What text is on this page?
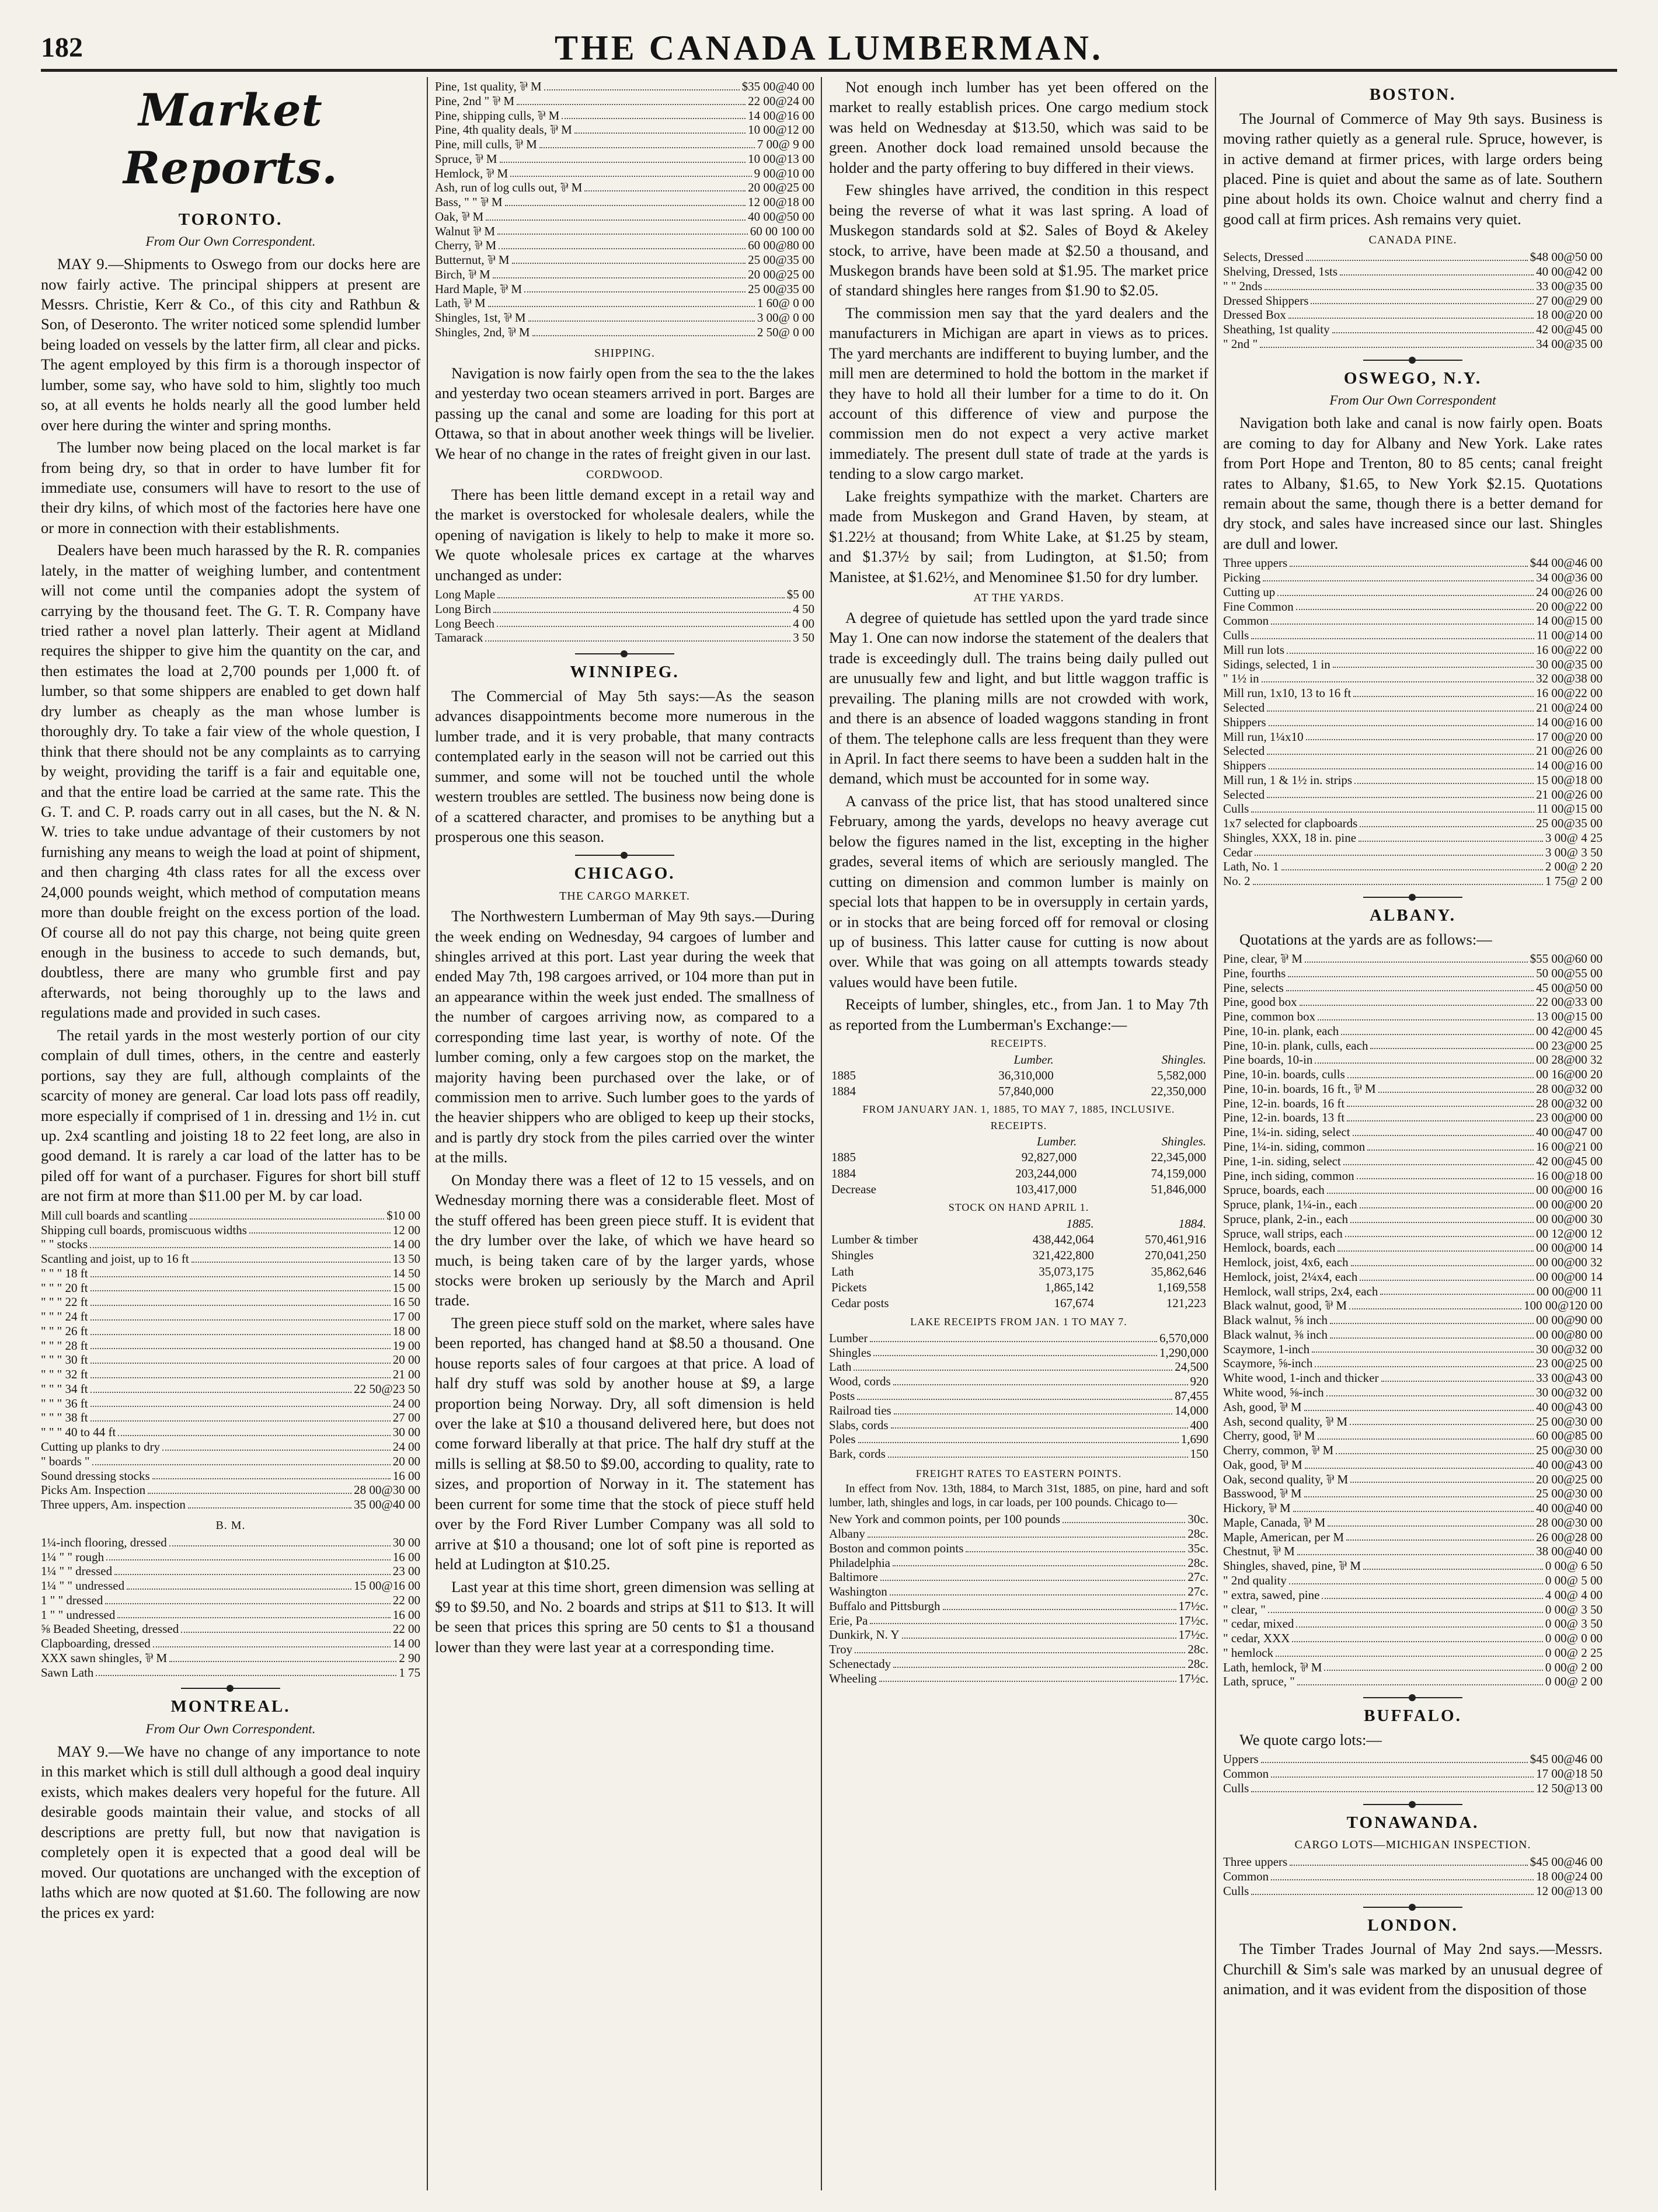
182	THE CANADA LUMBERMAN.
Market Reports.
TORONTO.
From Our Own Correspondent.

MAY 9.—Shipments to Oswego from our docks here are now fairly active. The principal shippers at present are Messrs. Christie, Kerr & Co., of this city and Rathbun & Son, of Deseronto. The writer noticed some splendid lumber being loaded on vessels by the latter firm, all clear and picks. The agent employed by this firm is a thorough inspector of lumber, some say, who have sold to him, slightly too much so, at all events he holds nearly all the good lumber held over here during the winter and spring months.

The lumber now being placed on the local market is far from being dry, so that in order to have lumber fit for immediate use, consumers will have to resort to the use of their dry kilns, of which most of the factories here have one or more in connection with their establishments.

Dealers have been much harassed by the R. R. companies lately, in the matter of weighing lumber, and contentment will not come until the companies adopt the system of carrying by the thousand feet. The G. T. R. Company have tried rather a novel plan latterly. Their agent at Midland requires the shipper to give him the quantity on the car, and then estimates the load at 2,700 pounds per 1,000 ft. of lumber, so that some shippers are enabled to get down half dry lumber as cheaply as the man whose lumber is thoroughly dry. To take a fair view of the whole question, I think that there should not be any complaints as to carrying by weight, providing the tariff is a fair and equitable one, and that the entire load be carried at the same rate. This the G. T. and C. P. roads carry out in all cases, but the N. & N. W. tries to take undue advantage of their customers by not furnishing any means to weigh the load at point of shipment, and then charging 4th class rates for all the excess over 24,000 pounds weight, which method of computation means more than double freight on the excess portion of the load. Of course all do not pay this charge, not being quite green enough in the business to accede to such demands, but, doubtless, there are many who grumble first and pay afterwards, not being thoroughly up to the laws and regulations made and provided in such cases.

The retail yards in the most westerly portion of our city complain of dull times, others, in the centre and easterly portions, say they are full, although complaints of the scarcity of money are general. Car load lots pass off readily, more especially if comprised of 1 in. dressing and 1½ in. cut up. 2x4 scantling and joisting 18 to 22 feet long, are also in good demand. It is rarely a car load of the latter has to be piled off for want of a purchaser. Figures for short bill stuff are not firm at more than $11.00 per M. by car load.

Mill cull boards and scantling	$10 00
Shipping cull boards, promiscuous widths	12 00
" " stocks	14 00
Scantling and joist, up to 16 ft	13 50
" " " 18 ft	14 50
" " " 20 ft	15 00
" " " 22 ft	16 50
" " " 24 ft	17 00
" " " 26 ft	18 00
" " " 28 ft	19 00
" " " 30 ft	20 00
" " " 32 ft	21 00
" " " 34 ft	22 50@23 50
" " " 36 ft	24 00
" " " 38 ft	27 00
" " " 40 to 44 ft	30 00
Cutting up planks to dry	24 00
" boards "	20 00
Sound dressing stocks	16 00
Picks Am. Inspection	28 00@30 00
Three uppers, Am. inspection	35 00@40 00
B. M.
1¼-inch flooring, dressed	30 00
1¼ " " rough	16 00
1¼ " " dressed	23 00
1¼ " " undressed	15 00@16 00
1 " " dressed	22 00
1 " " undressed	16 00
⅝ Beaded Sheeting, dressed	22 00
Clapboarding, dressed	14 00
XXX sawn shingles, ⅌ M	2 90
Sawn Lath	1 75
MONTREAL.
From Our Own Correspondent.

MAY 9.—We have no change of any importance to note in this market which is still dull although a good deal inquiry exists, which makes dealers very hopeful for the future. All desirable goods maintain their value, and stocks of all descriptions are pretty full, but now that navigation is completely open it is expected that a good deal will be moved. Our quotations are unchanged with the exception of laths which are now quoted at $1.60. The following are now the prices ex yard:

Pine, 1st quality, ⅌ M	$35 00@40 00
Pine, 2nd " ⅌ M	22 00@24 00
Pine, shipping culls, ⅌ M	14 00@16 00
Pine, 4th quality deals, ⅌ M	10 00@12 00
Pine, mill culls, ⅌ M	7 00@ 9 00
Spruce, ⅌ M	10 00@13 00
Hemlock, ⅌ M	9 00@10 00
Ash, run of log culls out, ⅌ M	20 00@25 00
Bass, " " ⅌ M	12 00@18 00
Oak, ⅌ M	40 00@50 00
Walnut ⅌ M	60 00 100 00
Cherry, ⅌ M	60 00@80 00
Butternut, ⅌ M	25 00@35 00
Birch, ⅌ M	20 00@25 00
Hard Maple, ⅌ M	25 00@35 00
Lath, ⅌ M	1 60@ 0 00
Shingles, 1st, ⅌ M	3 00@ 0 00
Shingles, 2nd, ⅌ M	2 50@ 0 00
SHIPPING.

Navigation is now fairly open from the sea to the the lakes and yesterday two ocean steamers arrived in port. Barges are passing up the canal and some are loading for this port at Ottawa, so that in about another week things will be livelier. We hear of no change in the rates of freight given in our last.

CORDWOOD.

There has been little demand except in a retail way and the market is overstocked for wholesale dealers, while the opening of navigation is likely to help to make it more so. We quote wholesale prices ex cartage at the wharves unchanged as under:

Long Maple	$5 00
Long Birch	4 50
Long Beech	4 00
Tamarack	3 50
WINNIPEG.

The Commercial of May 5th says:—As the season advances disappointments become more numerous in the lumber trade, and it is very probable, that many contracts contemplated early in the season will not be carried out this summer, and some will not be touched until the whole western troubles are settled. The business now being done is of a scattered character, and promises to be anything but a prosperous one this season.

CHICAGO.
THE CARGO MARKET.

The Northwestern Lumberman of May 9th says.—During the week ending on Wednesday, 94 cargoes of lumber and shingles arrived at this port. Last year during the week that ended May 7th, 198 cargoes arrived, or 104 more than put in an appearance within the week just ended. The smallness of the number of cargoes arriving now, as compared to a corresponding time last year, is worthy of note. Of the lumber coming, only a few cargoes stop on the market, the majority having been purchased over the lake, or of commission men to arrive. Such lumber goes to the yards of the heavier shippers who are obliged to keep up their stocks, and is partly dry stock from the piles carried over the winter at the mills.

On Monday there was a fleet of 12 to 15 vessels, and on Wednesday morning there was a considerable fleet. Most of the stuff offered has been green piece stuff. It is evident that the dry lumber over the lake, of which we have heard so much, is being taken care of by the larger yards, whose stocks were broken up seriously by the March and April trade.

The green piece stuff sold on the market, where sales have been reported, has changed hand at $8.50 a thousand. One house reports sales of four cargoes at that price. A load of half dry stuff was sold by another house at $9, a large proportion being Norway. Dry, all soft dimension is held over the lake at $10 a thousand delivered here, but does not come forward liberally at that price. The half dry stuff at the mills is selling at $8.50 to $9.00, according to quality, rate to sizes, and proportion of Norway in it. The statement has been current for some time that the stock of piece stuff held over by the Ford River Lumber Company was all sold to arrive at $10 a thousand; one lot of soft pine is reported as held at Ludington at $10.25.

Last year at this time short, green dimension was selling at $9 to $9.50, and No. 2 boards and strips at $11 to $13. It will be seen that prices this spring are 50 cents to $1 a thousand lower than they were last year at a corresponding time.

Not enough inch lumber has yet been offered on the market to really establish prices. One cargo medium stock was held on Wednesday at $13.50, which was said to be green. Another dock load remained unsold because the holder and the party offering to buy differed in their views.

Few shingles have arrived, the condition in this respect being the reverse of what it was last spring. A load of Muskegon standards sold at $2. Sales of Boyd & Akeley stock, to arrive, have been made at $2.50 a thousand, and Muskegon brands have been sold at $1.95. The market price of standard shingles here ranges from $1.90 to $2.05.

The commission men say that the yard dealers and the manufacturers in Michigan are apart in views as to prices. The yard merchants are indifferent to buying lumber, and the mill men are determined to hold the bottom in the market if they have to hold all their lumber for a time to do it. On account of this difference of view and purpose the commission men do not expect a very active market immediately. The present dull state of trade at the yards is tending to a slow cargo market.

Lake freights sympathize with the market. Charters are made from Muskegon and Grand Haven, by steam, at $1.22½ at thousand; from White Lake, at $1.25 by steam, and $1.37½ by sail; from Ludington, at $1.50; from Manistee, at $1.62½, and Menominee $1.50 for dry lumber.

AT THE YARDS.

A degree of quietude has settled upon the yard trade since May 1. One can now indorse the statement of the dealers that trade is exceedingly dull. The trains being daily pulled out are unusually few and light, and but little waggon traffic is prevailing. The planing mills are not crowded with work, and there is an absence of loaded waggons standing in front of them. The telephone calls are less frequent than they were in April. In fact there seems to have been a sudden halt in the demand, which must be accounted for in some way.

A canvass of the price list, that has stood unaltered since February, among the yards, develops no heavy average cut below the figures named in the list, excepting in the higher grades, several items of which are seriously mangled. The cutting on dimension and common lumber is mainly on special lots that happen to be in oversupply in certain yards, or in stocks that are being forced off for removal or closing up of business. This latter cause for cutting is now about over. While that was going on all attempts towards steady values would have been futile.

Receipts of lumber, shingles, etc., from Jan. 1 to May 7th as reported from the Lumberman's Exchange:—

RECEIPTS.
	Lumber.	Shingles.
1885	36,310,000	5,582,000
1884	57,840,000	22,350,000
FROM JANUARY JAN. 1, 1885, TO MAY 7, 1885, INCLUSIVE.
RECEIPTS.
	Lumber.	Shingles.
1885	92,827,000	22,345,000
1884	203,244,000	74,159,000
Decrease	103,417,000	51,846,000
STOCK ON HAND APRIL 1.
	1885.	1884.
Lumber & timber	438,442,064	570,461,916
Shingles	321,422,800	270,041,250
Lath	35,073,175	35,862,646
Pickets	1,865,142	1,169,558
Cedar posts	167,674	121,223
LAKE RECEIPTS FROM JAN. 1 TO MAY 7.
Lumber	6,570,000
Shingles	1,290,000
Lath	24,500
Wood, cords	920
Posts	87,455
Railroad ties	14,000
Slabs, cords	400
Poles	1,690
Bark, cords	150
FREIGHT RATES TO EASTERN POINTS.

In effect from Nov. 13th, 1884, to March 31st, 1885, on pine, hard and soft lumber, lath, shingles and logs, in car loads, per 100 pounds. Chicago to—

New York and common points, per 100 pounds	30c.
Albany	28c.
Boston and common points	35c.
Philadelphia	28c.
Baltimore	27c.
Washington	27c.
Buffalo and Pittsburgh	17½c.
Erie, Pa	17½c.
Dunkirk, N. Y	17½c.
Troy	28c.
Schenectady	28c.
Wheeling	17½c.
BOSTON.

The Journal of Commerce of May 9th says. Business is moving rather quietly as a general rule. Spruce, however, is in active demand at firmer prices, with large orders being placed. Pine is quiet and about the same as of late. Southern pine about holds its own. Choice walnut and cherry find a good call at firm prices. Ash remains very quiet.

CANADA PINE.
Selects, Dressed	$48 00@50 00
Shelving, Dressed, 1sts	40 00@42 00
" " 2nds	33 00@35 00
Dressed Shippers	27 00@29 00
Dressed Box	18 00@20 00
Sheathing, 1st quality	42 00@45 00
" 2nd "	34 00@35 00
OSWEGO, N.Y.
From Our Own Correspondent

Navigation both lake and canal is now fairly open. Boats are coming to day for Albany and New York. Lake rates from Port Hope and Trenton, 80 to 85 cents; canal freight rates to Albany, $1.65, to New York $2.15. Quotations remain about the same, though there is a better demand for dry stock, and sales have increased since our last. Shingles are dull and lower.

Three uppers	$44 00@46 00
Picking	34 00@36 00
Cutting up	24 00@26 00
Fine Common	20 00@22 00
Common	14 00@15 00
Culls	11 00@14 00
Mill run lots	16 00@22 00
Sidings, selected, 1 in	30 00@35 00
" 1½ in	32 00@38 00
Mill run, 1x10, 13 to 16 ft	16 00@22 00
Selected	21 00@24 00
Shippers	14 00@16 00
Mill run, 1¼x10	17 00@20 00
Selected	21 00@26 00
Shippers	14 00@16 00
Mill run, 1 & 1½ in. strips	15 00@18 00
Selected	21 00@26 00
Culls	11 00@15 00
1x7 selected for clapboards	25 00@35 00
Shingles, XXX, 18 in. pine	3 00@ 4 25
Cedar	3 00@ 3 50
Lath, No. 1	2 00@ 2 20
No. 2	1 75@ 2 00
ALBANY.

Quotations at the yards are as follows:—

Pine, clear, ⅌ M	$55 00@60 00
Pine, fourths	50 00@55 00
Pine, selects	45 00@50 00
Pine, good box	22 00@33 00
Pine, common box	13 00@15 00
Pine, 10-in. plank, each	00 42@00 45
Pine, 10-in. plank, culls, each	00 23@00 25
Pine boards, 10-in	00 28@00 32
Pine, 10-in. boards, culls	00 16@00 20
Pine, 10-in. boards, 16 ft., ⅌ M	28 00@32 00
Pine, 12-in. boards, 16 ft	28 00@32 00
Pine, 12-in. boards, 13 ft	23 00@00 00
Pine, 1¼-in. siding, select	40 00@47 00
Pine, 1¼-in. siding, common	16 00@21 00
Pine, 1-in. siding, select	42 00@45 00
Pine, inch siding, common	16 00@18 00
Spruce, boards, each	00 00@00 16
Spruce, plank, 1¼-in., each	00 00@00 20
Spruce, plank, 2-in., each	00 00@00 30
Spruce, wall strips, each	00 12@00 12
Hemlock, boards, each	00 00@00 14
Hemlock, joist, 4x6, each	00 00@00 32
Hemlock, joist, 2¼x4, each	00 00@00 14
Hemlock, wall strips, 2x4, each	00 00@00 11
Black walnut, good, ⅌ M	100 00@120 00
Black walnut, ⅝ inch	00 00@90 00
Black walnut, ⅜ inch	00 00@80 00
Scaymore, 1-inch	30 00@32 00
Scaymore, ⅝-inch	23 00@25 00
White wood, 1-inch and thicker	33 00@43 00
White wood, ⅝-inch	30 00@32 00
Ash, good, ⅌ M	40 00@43 00
Ash, second quality, ⅌ M	25 00@30 00
Cherry, good, ⅌ M	60 00@85 00
Cherry, common, ⅌ M	25 00@30 00
Oak, good, ⅌ M	40 00@43 00
Oak, second quality, ⅌ M	20 00@25 00
Basswood, ⅌ M	25 00@30 00
Hickory, ⅌ M	40 00@40 00
Maple, Canada, ⅌ M	28 00@30 00
Maple, American, per M	26 00@28 00
Chestnut, ⅌ M	38 00@40 00
Shingles, shaved, pine, ⅌ M	0 00@ 6 50
" 2nd quality	0 00@ 5 00
" extra, sawed, pine	4 00@ 4 00
" clear, "	0 00@ 3 50
" cedar, mixed	0 00@ 3 50
" cedar, XXX	0 00@ 0 00
" hemlock	0 00@ 2 25
Lath, hemlock, ⅌ M	0 00@ 2 00
Lath, spruce, "	0 00@ 2 00
BUFFALO.

We quote cargo lots:—

Uppers	$45 00@46 00
Common	17 00@18 50
Culls	12 50@13 00
TONAWANDA.
CARGO LOTS—MICHIGAN INSPECTION.
Three uppers	$45 00@46 00
Common	18 00@24 00
Culls	12 00@13 00
LONDON.

The Timber Trades Journal of May 2nd says.—Messrs. Churchill & Sim's sale was marked by an unusual degree of animation, and it was evident from the disposition of those
